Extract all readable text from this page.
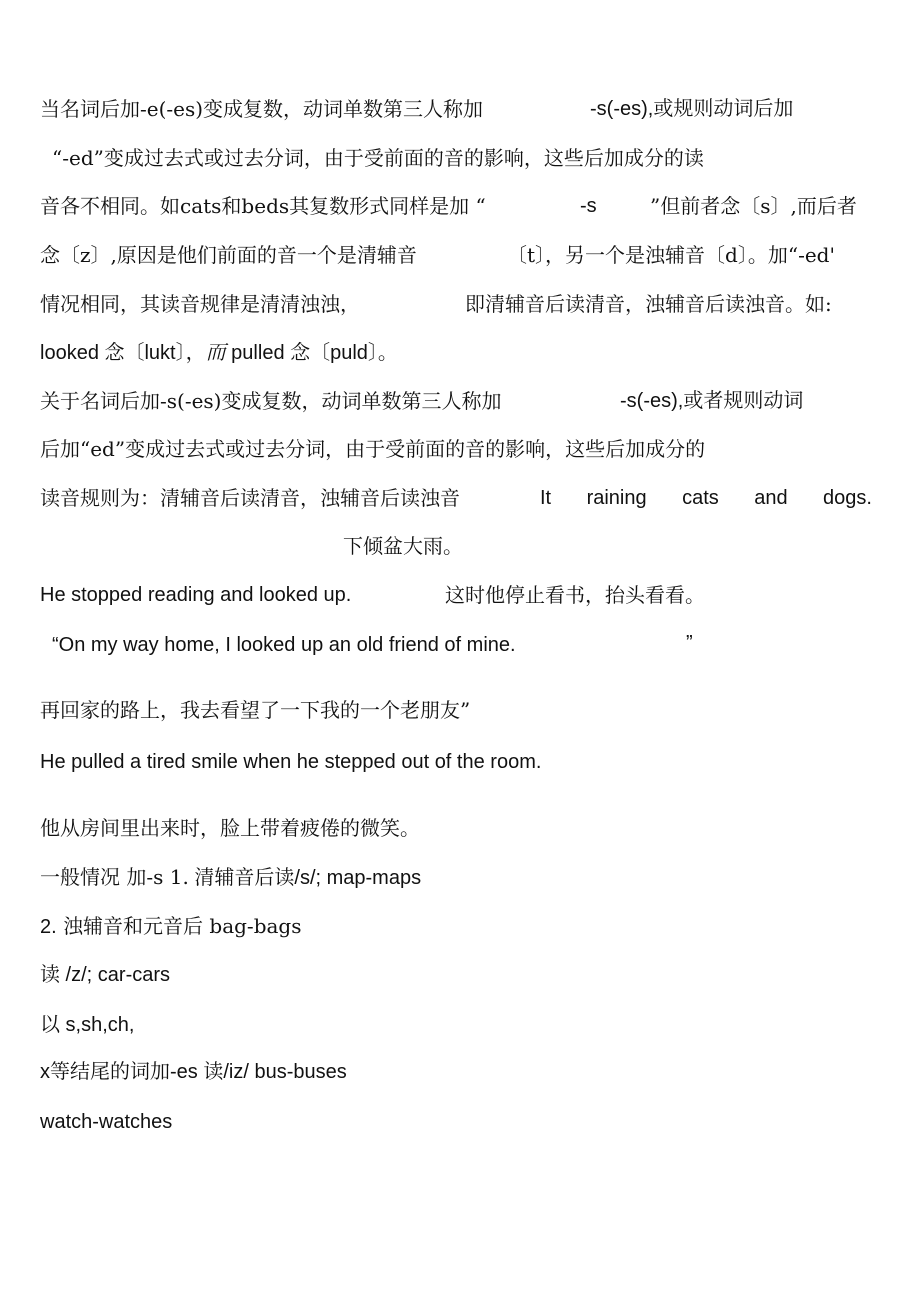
当名词后加-e(-es)变成复数，动词单数第三人称加	-s(-es),或规则动词后加
“-ed”变成过去式或过去分词，由于受前面的音的影响，这些后加成分的读
音各不相同。如cats和beds其复数形式同样是加 “	-s	”但前者念〔s〕,而后者
念〔z〕,原因是他们前面的音一个是清辅音	〔t〕，另一个是浊辅音〔d〕。加“-ed'
情况相同，其读音规律是清清浊浊，	即清辅音后读清音，浊辅音后读浊音。如:
looked 念〔lukt〕，而 pulled 念〔puld〕。
关于名词后加-s(-es)变成复数，动词单数第三人称加	-s(-es),或者规则动词
后加“ed”变成过去式或过去分词，由于受前面的音的影响，这些后加成分的
读音规则为：清辅音后读清音，浊辅音后读浊音	It raining cats and dogs.
下倾盆大雨。
He stopped reading and looked up.	这时他停止看书，抬头看看。
“On my way home, I looked up an old friend of mine.	”
再回家的路上，我去看望了一下我的一个老朋友”
He pulled a tired smile when he stepped out of the room.
他从房间里出来时，脸上带着疲倦的微笑。
一般情况 加-s 1. 清辅音后读/s/; map-maps
2. 浊辅音和元音后 bag-bags
读 /z/; car-cars
以 s,sh,ch,
x等结尾的词加-es 读/iz/ bus-buses
watch-watches
